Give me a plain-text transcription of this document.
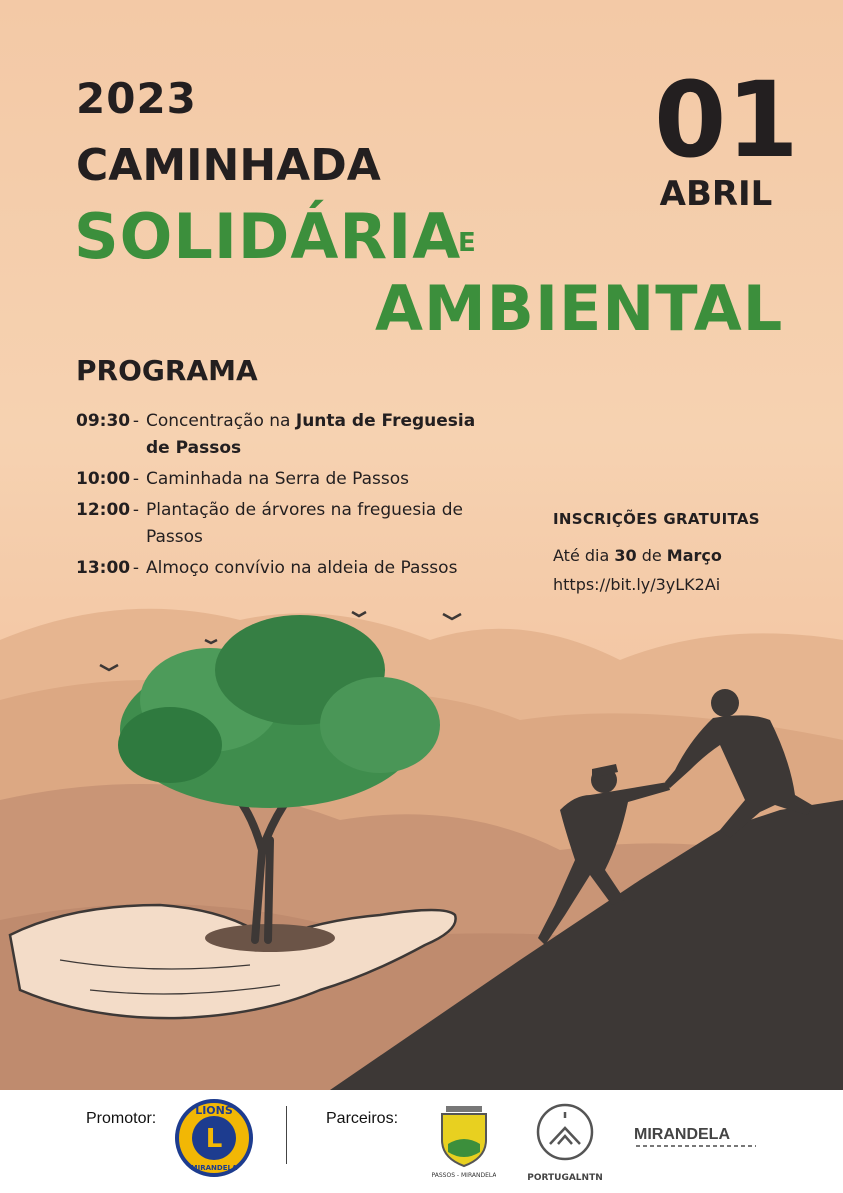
2023

CAMINHADA

SOLIDÁRIA

E

AMBIENTAL

01

ABRIL

PROGRAMA

09:30 - Concentração na Junta de Freguesia de Passos
10:00 - Caminhada na Serra de Passos
12:00 - Plantação de árvores na freguesia de Passos
13:00 - Almoço convívio na aldeia de Passos

INSCRIÇÕES GRATUITAS

Até dia 30 de Março

https://bit.ly/3yLK2Ai

Promotor:	LIONS
L
MIRANDELA
Parceiros:
PASSOS - MIRANDELA	PORTUGALNTN
MIRANDELA
